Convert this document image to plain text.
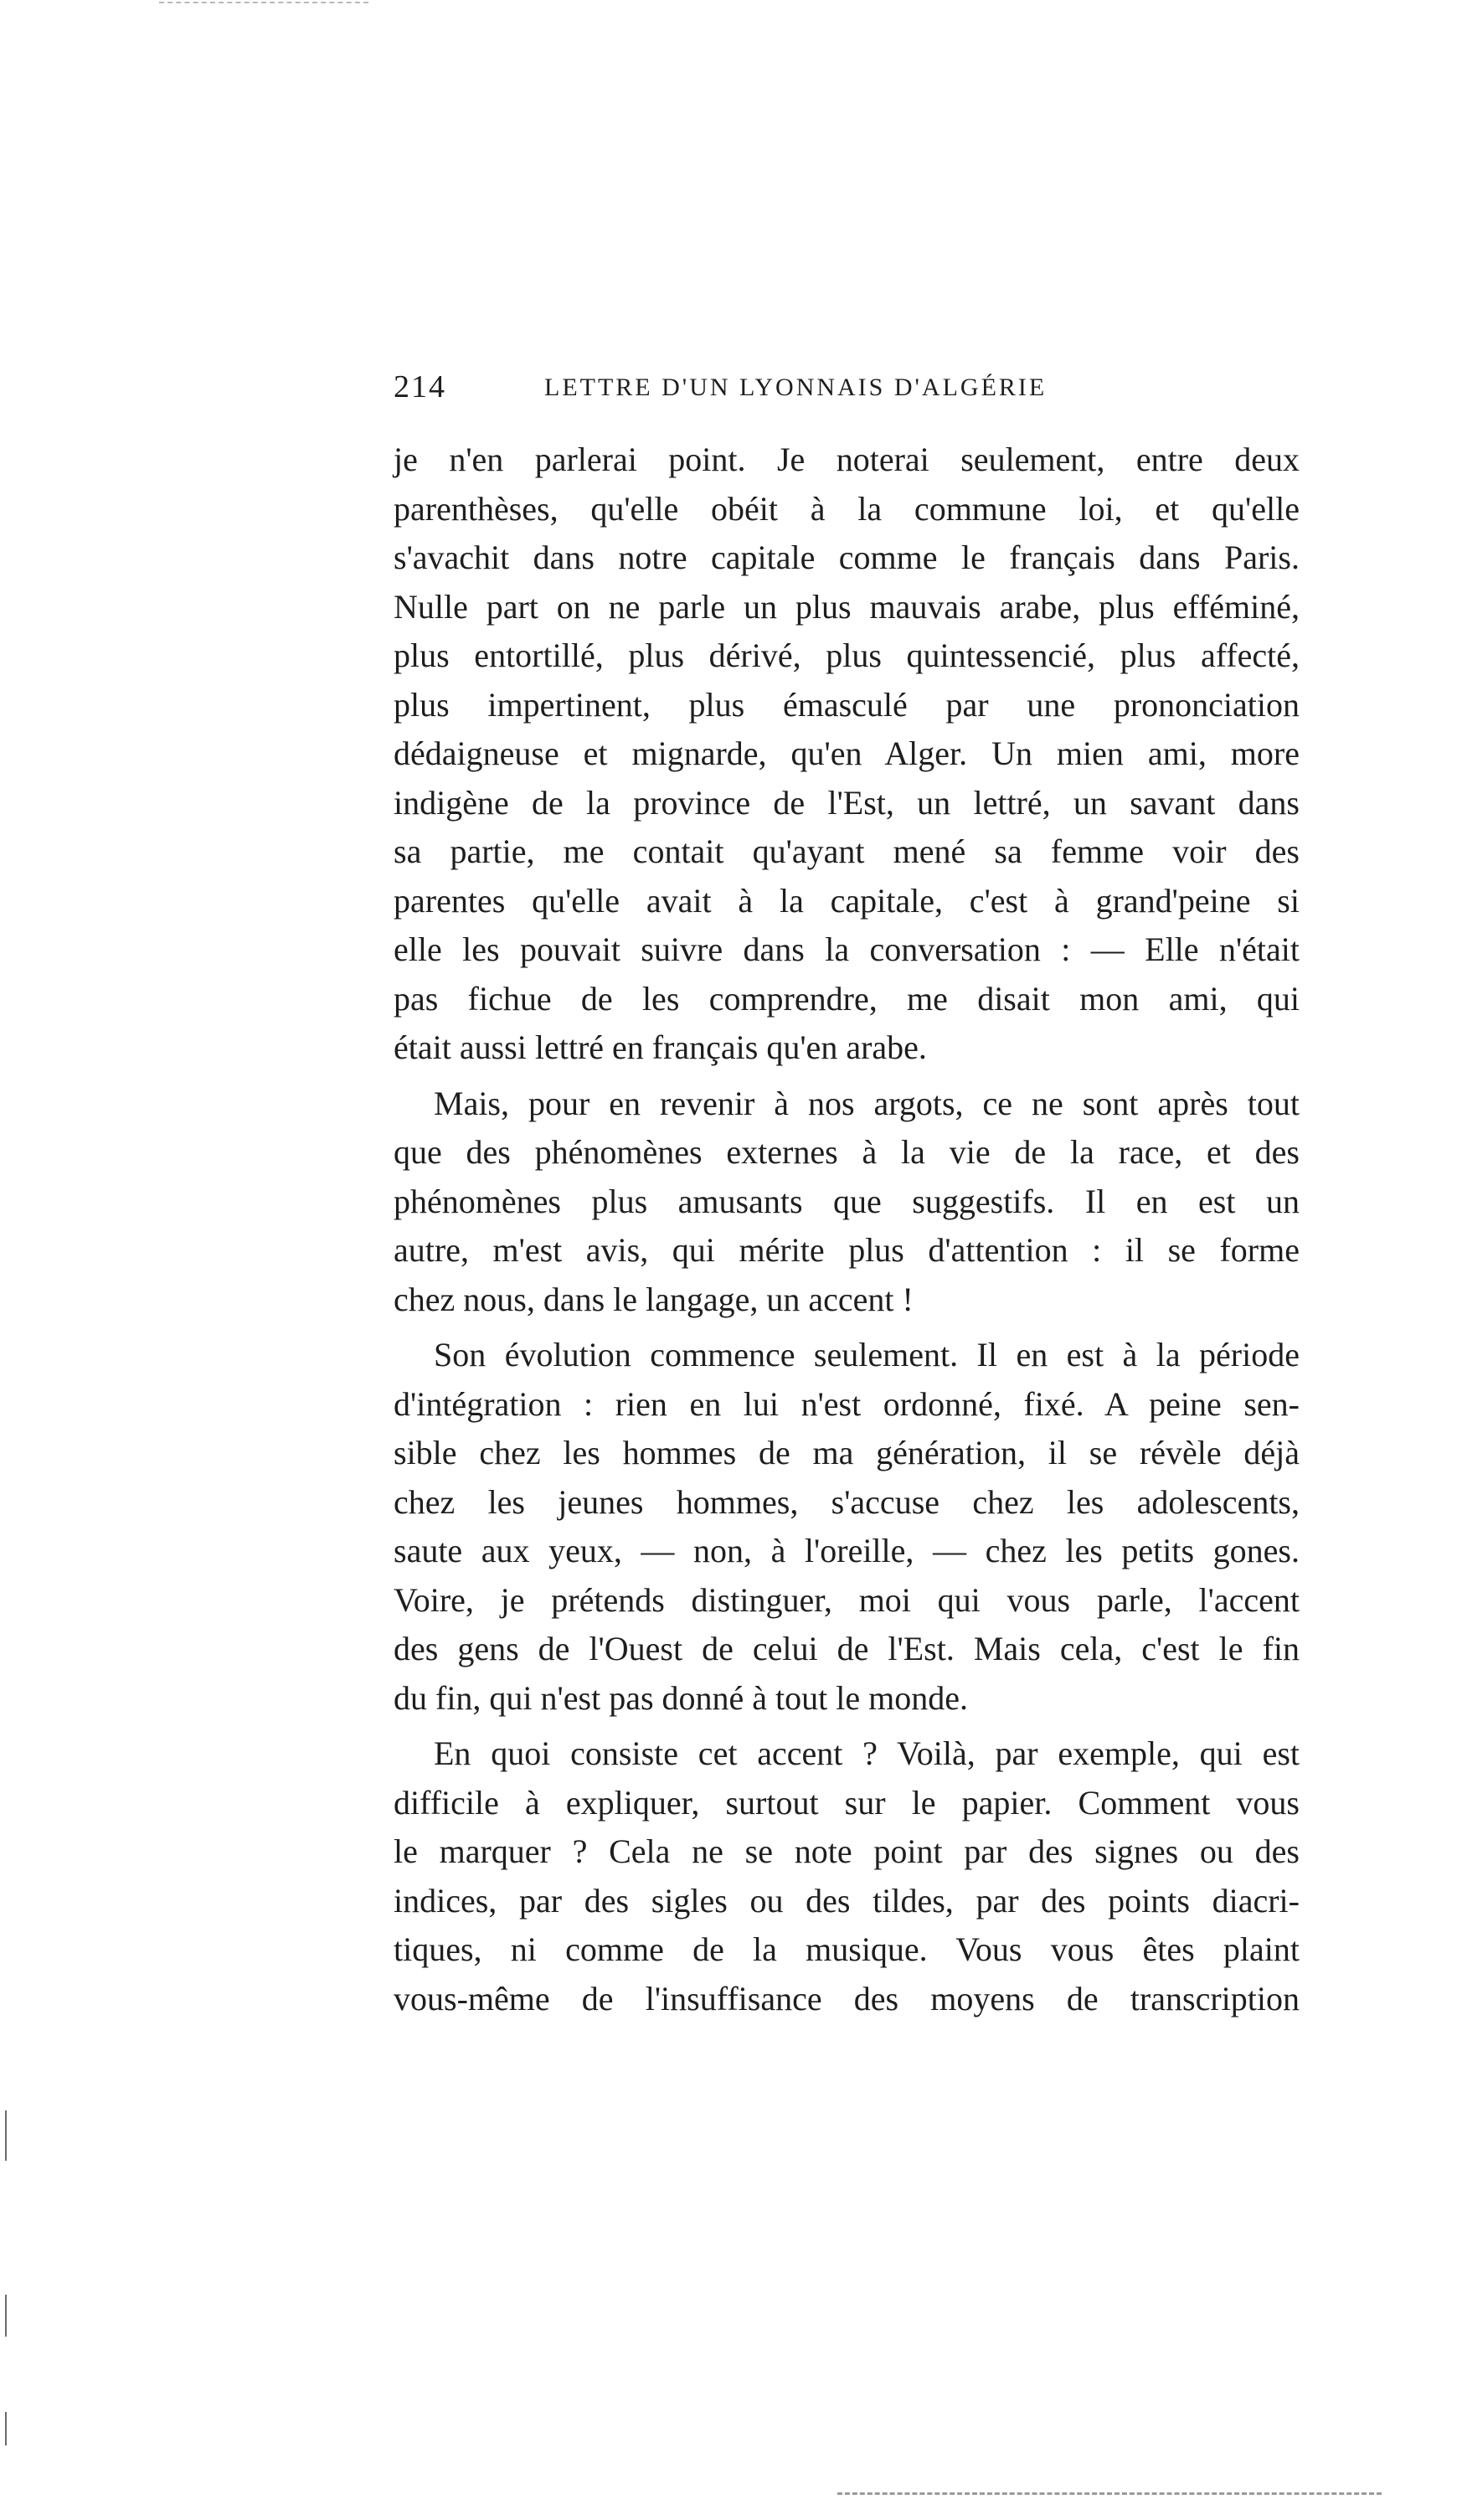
214	LETTRE D'UN LYONNAIS D'ALGÉRIE
je n'en parlerai point. Je noterai seulement, entre deux
parenthèses, qu'elle obéit à la commune loi, et qu'elle
s'avachit dans notre capitale comme le français dans Paris.
Nulle part on ne parle un plus mauvais arabe, plus efféminé,
plus entortillé, plus dérivé, plus quintessencié, plus affecté,
plus impertinent, plus émasculé par une prononciation
dédaigneuse et mignarde, qu'en Alger. Un mien ami, more
indigène de la province de l'Est, un lettré, un savant dans
sa partie, me contait qu'ayant mené sa femme voir des
parentes qu'elle avait à la capitale, c'est à grand'peine si
elle les pouvait suivre dans la conversation : — Elle n'était
pas fichue de les comprendre, me disait mon ami, qui
était aussi lettré en français qu'en arabe.
Mais, pour en revenir à nos argots, ce ne sont après tout
que des phénomènes externes à la vie de la race, et des
phénomènes plus amusants que suggestifs. Il en est un
autre, m'est avis, qui mérite plus d'attention : il se forme
chez nous, dans le langage, un accent !
Son évolution commence seulement. Il en est à la période
d'intégration : rien en lui n'est ordonné, fixé. A peine sen-
sible chez les hommes de ma génération, il se révèle déjà
chez les jeunes hommes, s'accuse chez les adolescents,
saute aux yeux, — non, à l'oreille, — chez les petits gones.
Voire, je prétends distinguer, moi qui vous parle, l'accent
des gens de l'Ouest de celui de l'Est. Mais cela, c'est le fin
du fin, qui n'est pas donné à tout le monde.
En quoi consiste cet accent ? Voilà, par exemple, qui est
difficile à expliquer, surtout sur le papier. Comment vous
le marquer ? Cela ne se note point par des signes ou des
indices, par des sigles ou des tildes, par des points diacri-
tiques, ni comme de la musique. Vous vous êtes plaint
vous-même de l'insuffisance des moyens de transcription
